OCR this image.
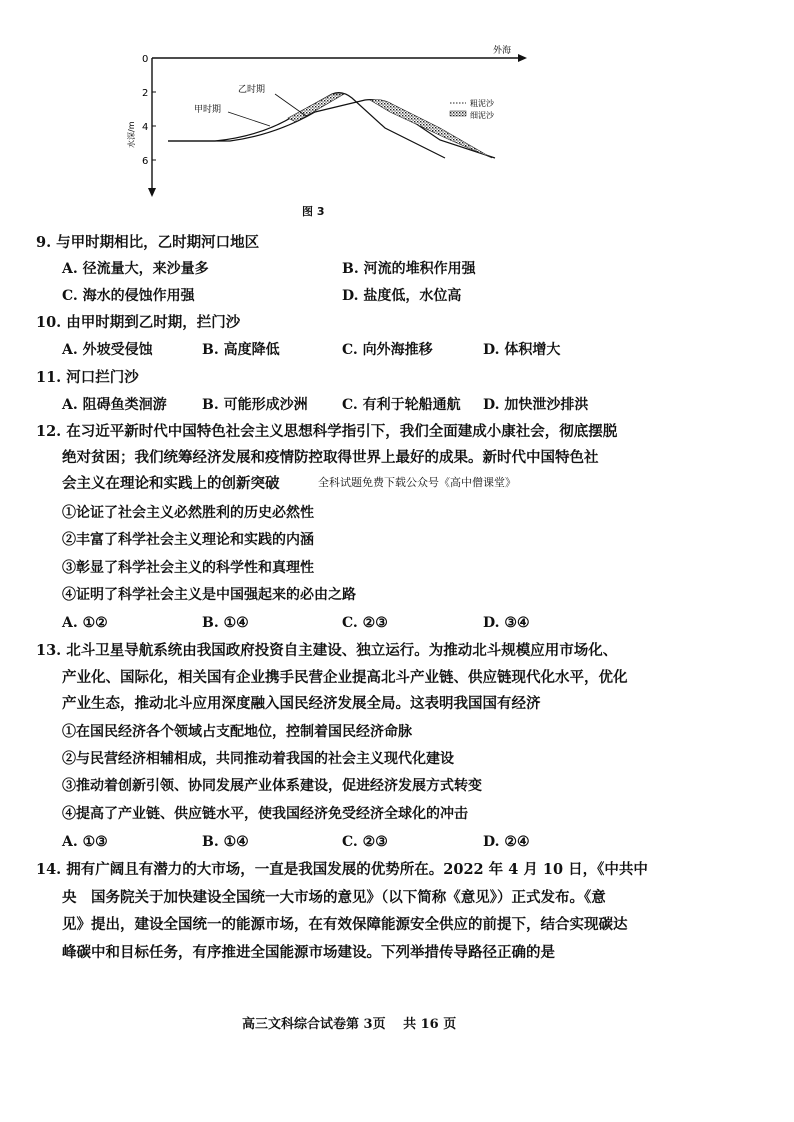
0
2
4
6
水深/m
外海
乙时期
甲时期
粗泥沙
细泥沙
图 3
9. 与甲时期相比，乙时期河口地区
A. 径流量大，来沙量多	B. 河流的堆积作用强
C. 海水的侵蚀作用强	D. 盐度低，水位高
10. 由甲时期到乙时期，拦门沙
A. 外坡受侵蚀	B. 高度降低	C. 向外海推移	D. 体积增大
11. 河口拦门沙
A. 阻碍鱼类洄游	B. 可能形成沙洲 C. 有利于轮船通航 D. 加快泄沙排洪
12. 在习近平新时代中国特色社会主义思想科学指引下，我们全面建成小康社会，彻底摆脱
绝对贫困；我们统筹经济发展和疫情防控取得世界上最好的成果。新时代中国特色社
会主义在理论和实践上的创新突破	全科试题免费下载公众号《高中僧课堂》
①论证了社会主义必然胜利的历史必然性
②丰富了科学社会主义理论和实践的内涵
③彰显了科学社会主义的科学性和真理性
④证明了科学社会主义是中国强起来的必由之路
A. ①②	B. ①④	C. ②③	D. ③④
13. 北斗卫星导航系统由我国政府投资自主建设、独立运行。为推动北斗规模应用市场化、
产业化、国际化，相关国有企业携手民营企业提高北斗产业链、供应链现代化水平，优化
产业生态，推动北斗应用深度融入国民经济发展全局。这表明我国国有经济
①在国民经济各个领域占支配地位，控制着国民经济命脉
②与民营经济相辅相成，共同推动着我国的社会主义现代化建设
③推动着创新引领、协同发展产业体系建设，促进经济发展方式转变
④提高了产业链、供应链水平，使我国经济免受经济全球化的冲击
A. ①③	B. ①④	C. ②③	D. ②④
14. 拥有广阔且有潜力的大市场，一直是我国发展的优势所在。2022 年 4 月 10 日，《中共中
央　国务院关于加快建设全国统一大市场的意见》（以下简称《意见》）正式发布。《意
见》提出，建设全国统一的能源市场，在有效保障能源安全供应的前提下，结合实现碳达
峰碳中和目标任务，有序推进全国能源市场建设。下列举措传导路径正确的是
高三文科综合试卷第 3页　 共 16 页
